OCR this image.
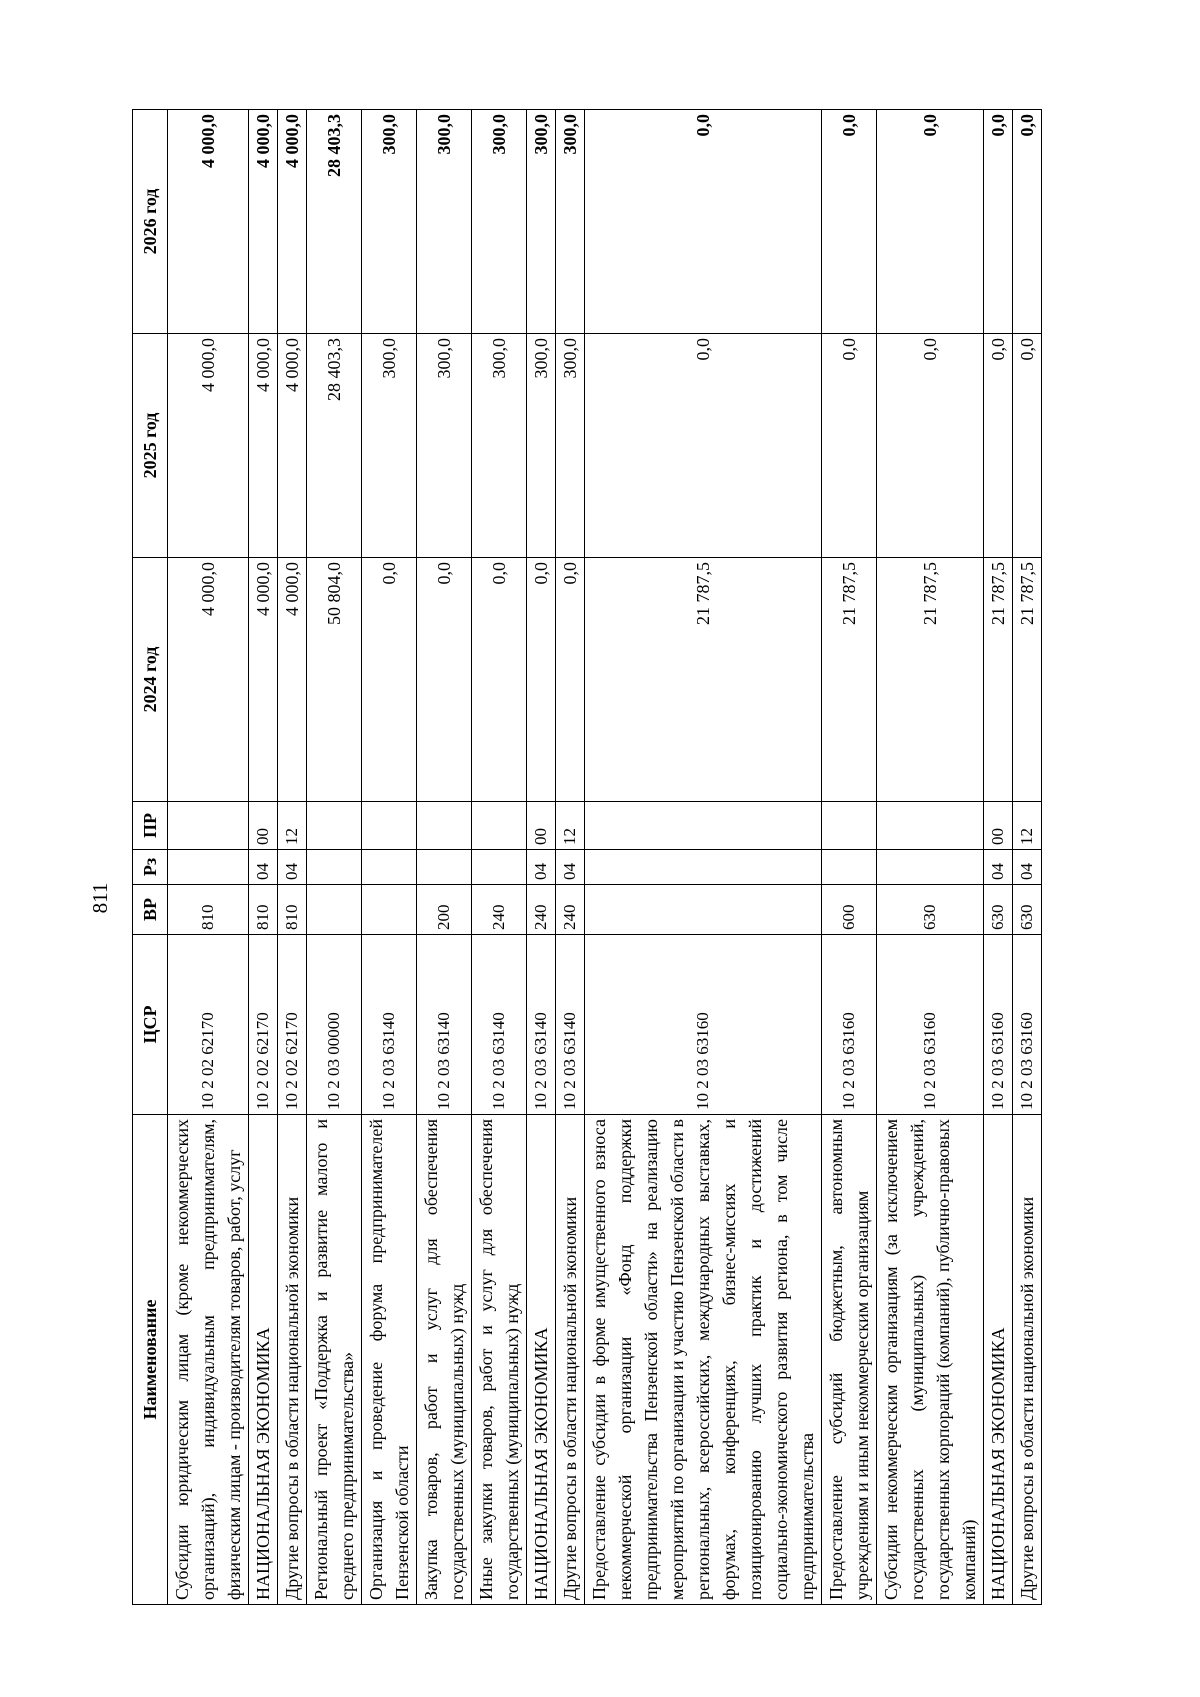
811
Наименование	ЦСР	ВР	Рз	ПР	2024 год	2025 год	2026 год
Субсидии юридическим лицам (кроме некоммерческих организаций), индивидуальным предпринимателям, физическим лицам - производителям товаров, работ, услуг	10 2 02 62170	810			4 000,0	4 000,0	4 000,0
НАЦИОНАЛЬНАЯ ЭКОНОМИКА	10 2 02 62170	810	04	00	4 000,0	4 000,0	4 000,0
Другие вопросы в области национальной экономики	10 2 02 62170	810	04	12	4 000,0	4 000,0	4 000,0
Региональный проект «Поддержка и развитие малого и среднего предпринимательства»	10 2 03 00000				50 804,0	28 403,3	28 403,3
Организация и проведение форума предпринимателей Пензенской области	10 2 03 63140				0,0	300,0	300,0
Закупка товаров, работ и услуг для обеспечения государственных (муниципальных) нужд	10 2 03 63140	200			0,0	300,0	300,0
Иные закупки товаров, работ и услуг для обеспечения государственных (муниципальных) нужд	10 2 03 63140	240			0,0	300,0	300,0
НАЦИОНАЛЬНАЯ ЭКОНОМИКА	10 2 03 63140	240	04	00	0,0	300,0	300,0
Другие вопросы в области национальной экономики	10 2 03 63140	240	04	12	0,0	300,0	300,0
Предоставление субсидии в форме имущественного взноса некоммерческой организации «Фонд поддержки предпринимательства Пензенской области» на реализацию мероприятий по организации и участию Пензенской области в региональных, всероссийских, международных выставках, форумах, конференциях, бизнес-миссиях и позиционированию лучших практик и достижений социально-экономического развития региона, в том числе предпринимательства	10 2 03 63160				21 787,5	0,0	0,0
Предоставление субсидий бюджетным, автономным учреждениям и иным некоммерческим организациям	10 2 03 63160	600			21 787,5	0,0	0,0
Субсидии некоммерческим организациям (за исключением государственных (муниципальных) учреждений, государственных корпораций (компаний), публично-правовых компаний)	10 2 03 63160	630			21 787,5	0,0	0,0
НАЦИОНАЛЬНАЯ ЭКОНОМИКА	10 2 03 63160	630	04	00	21 787,5	0,0	0,0
Другие вопросы в области национальной экономики	10 2 03 63160	630	04	12	21 787,5	0,0	0,0
